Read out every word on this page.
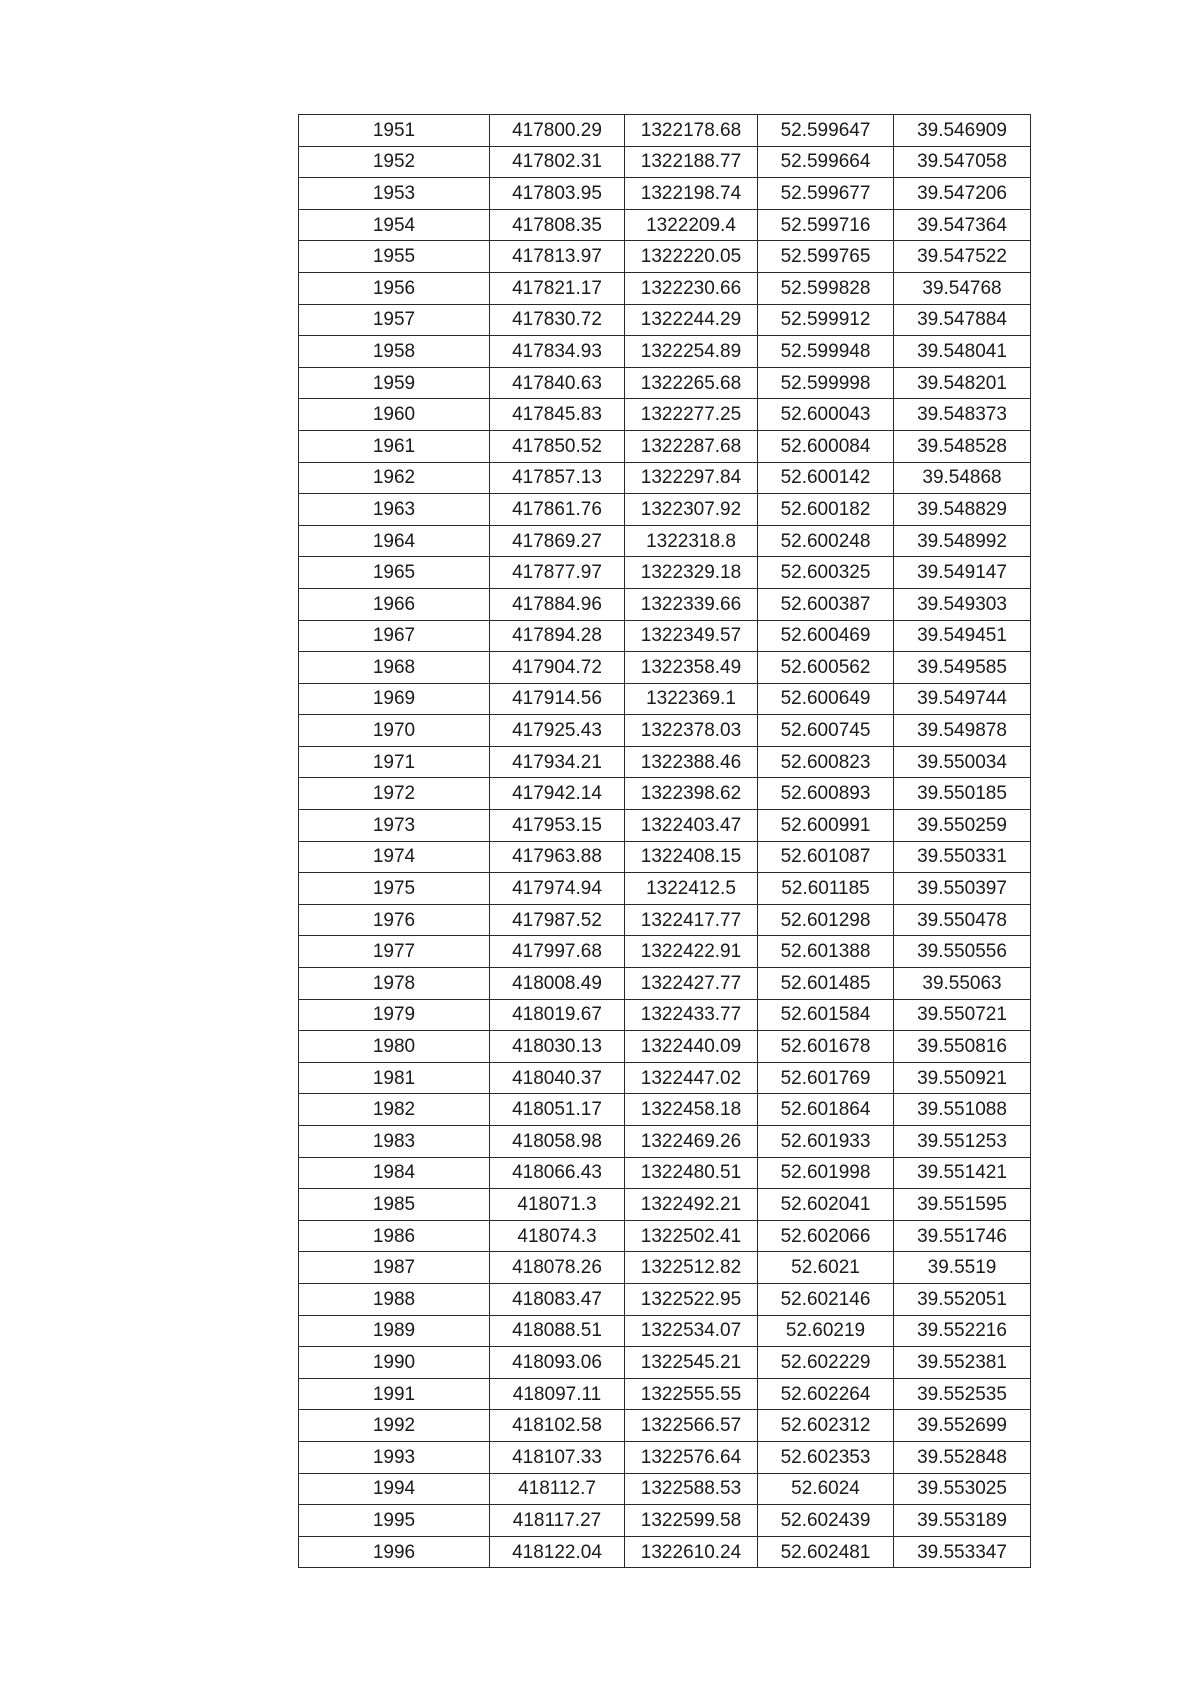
1951	417800.29	1322178.68	52.599647	39.546909
1952	417802.31	1322188.77	52.599664	39.547058
1953	417803.95	1322198.74	52.599677	39.547206
1954	417808.35	1322209.4	52.599716	39.547364
1955	417813.97	1322220.05	52.599765	39.547522
1956	417821.17	1322230.66	52.599828	39.54768
1957	417830.72	1322244.29	52.599912	39.547884
1958	417834.93	1322254.89	52.599948	39.548041
1959	417840.63	1322265.68	52.599998	39.548201
1960	417845.83	1322277.25	52.600043	39.548373
1961	417850.52	1322287.68	52.600084	39.548528
1962	417857.13	1322297.84	52.600142	39.54868
1963	417861.76	1322307.92	52.600182	39.548829
1964	417869.27	1322318.8	52.600248	39.548992
1965	417877.97	1322329.18	52.600325	39.549147
1966	417884.96	1322339.66	52.600387	39.549303
1967	417894.28	1322349.57	52.600469	39.549451
1968	417904.72	1322358.49	52.600562	39.549585
1969	417914.56	1322369.1	52.600649	39.549744
1970	417925.43	1322378.03	52.600745	39.549878
1971	417934.21	1322388.46	52.600823	39.550034
1972	417942.14	1322398.62	52.600893	39.550185
1973	417953.15	1322403.47	52.600991	39.550259
1974	417963.88	1322408.15	52.601087	39.550331
1975	417974.94	1322412.5	52.601185	39.550397
1976	417987.52	1322417.77	52.601298	39.550478
1977	417997.68	1322422.91	52.601388	39.550556
1978	418008.49	1322427.77	52.601485	39.55063
1979	418019.67	1322433.77	52.601584	39.550721
1980	418030.13	1322440.09	52.601678	39.550816
1981	418040.37	1322447.02	52.601769	39.550921
1982	418051.17	1322458.18	52.601864	39.551088
1983	418058.98	1322469.26	52.601933	39.551253
1984	418066.43	1322480.51	52.601998	39.551421
1985	418071.3	1322492.21	52.602041	39.551595
1986	418074.3	1322502.41	52.602066	39.551746
1987	418078.26	1322512.82	52.6021	39.5519
1988	418083.47	1322522.95	52.602146	39.552051
1989	418088.51	1322534.07	52.60219	39.552216
1990	418093.06	1322545.21	52.602229	39.552381
1991	418097.11	1322555.55	52.602264	39.552535
1992	418102.58	1322566.57	52.602312	39.552699
1993	418107.33	1322576.64	52.602353	39.552848
1994	418112.7	1322588.53	52.6024	39.553025
1995	418117.27	1322599.58	52.602439	39.553189
1996	418122.04	1322610.24	52.602481	39.553347
